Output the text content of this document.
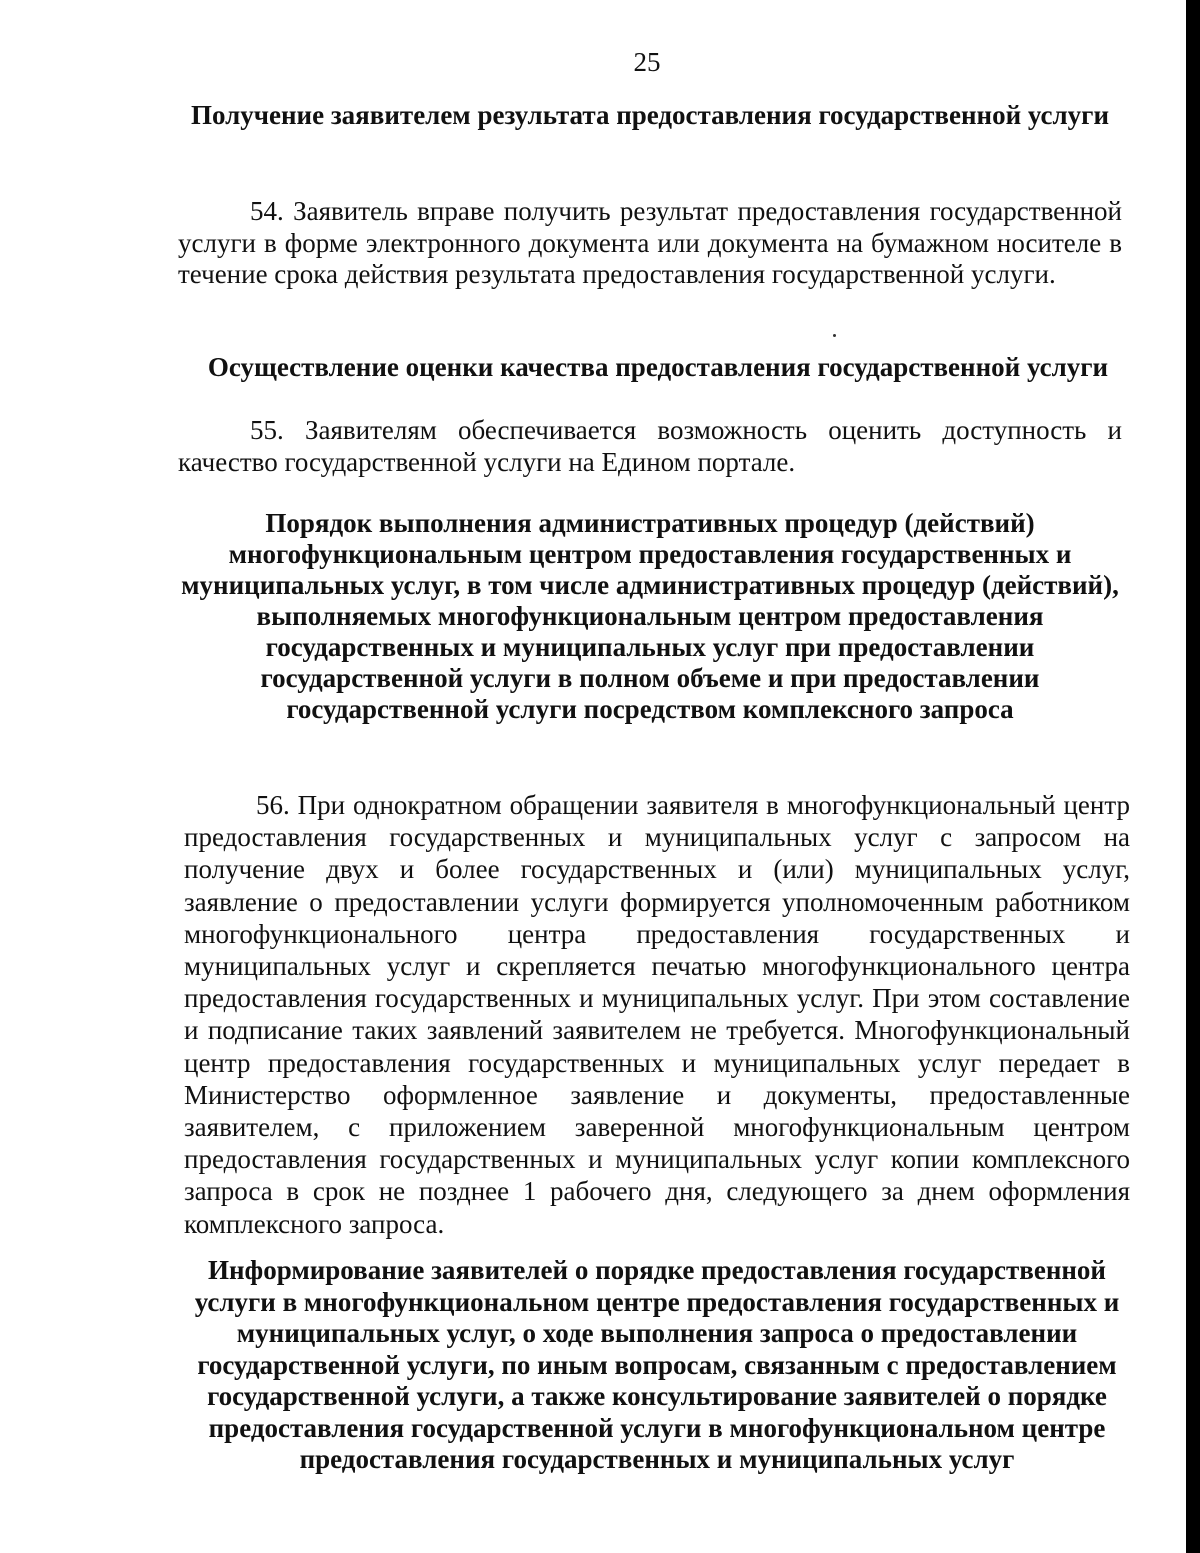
25
Получение заявителем результата предоставления государственной услуги

54. Заявитель вправе получить результат предоставления государственной услуги в форме электронного документа или документа на бумажном носителе в течение срока действия результата предоставления государственной услуги.

Осуществление оценки качества предоставления государственной услуги

55. Заявителям обеспечивается возможность оценить доступность и качество государственной услуги на Едином портале.

Порядок выполнения административных процедур (действий) многофункциональным центром предоставления государственных и муниципальных услуг, в том числе административных процедур (действий), выполняемых многофункциональным центром предоставления государственных и муниципальных услуг при предоставлении государственной услуги в полном объеме и при предоставлении государственной услуги посредством комплексного запроса

56. При однократном обращении заявителя в многофункциональный центр предоставления государственных и муниципальных услуг с запросом на получение двух и более государственных и (или) муниципальных услуг, заявление о предоставлении услуги формируется уполномоченным работником многофункционального центра предоставления государственных и муниципальных услуг и скрепляется печатью многофункционального центра предоставления государственных и муниципальных услуг. При этом составление и подписание таких заявлений заявителем не требуется. Многофункциональный центр предоставления государственных и муниципальных услуг передает в Министерство оформленное заявление и документы, предоставленные заявителем, с приложением заверенной многофункциональным центром предоставления государственных и муниципальных услуг копии комплексного запроса в срок не позднее 1 рабочего дня, следующего за днем оформления комплексного запроса.

Информирование заявителей о порядке предоставления государственной услуги в многофункциональном центре предоставления государственных и муниципальных услуг, о ходе выполнения запроса о предоставлении государственной услуги, по иным вопросам, связанным с предоставлением государственной услуги, а также консультирование заявителей о порядке предоставления государственной услуги в многофункциональном центре предоставления государственных и муниципальных услуг
